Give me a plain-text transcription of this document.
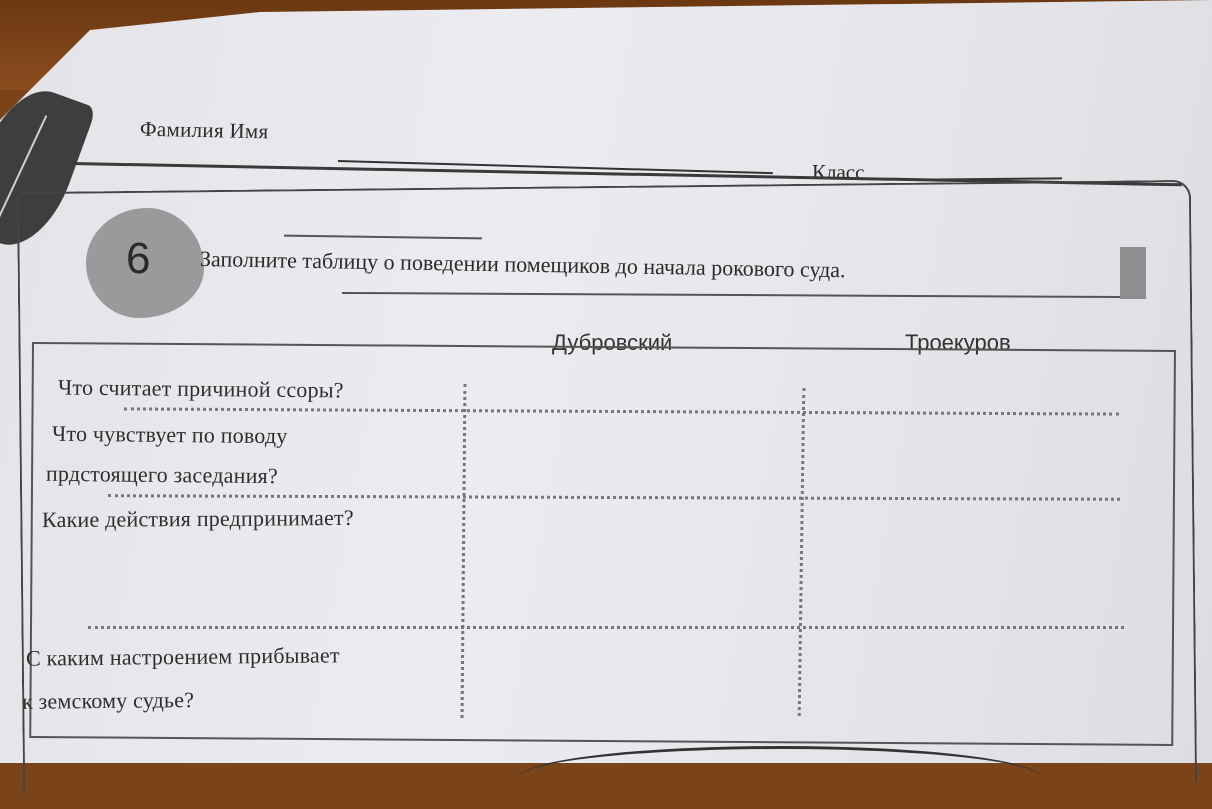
Фамилия Имя
Класс
6 Заполните таблицу о поведении помещиков до начала рокового суда.
Дубровский	Троекуров
Что считает причиной ссоры?
Что чувствует по поводу
прдстоящего заседания?
Какие действия предпринимает?
С каким настроением прибывает
к земскому судье?
